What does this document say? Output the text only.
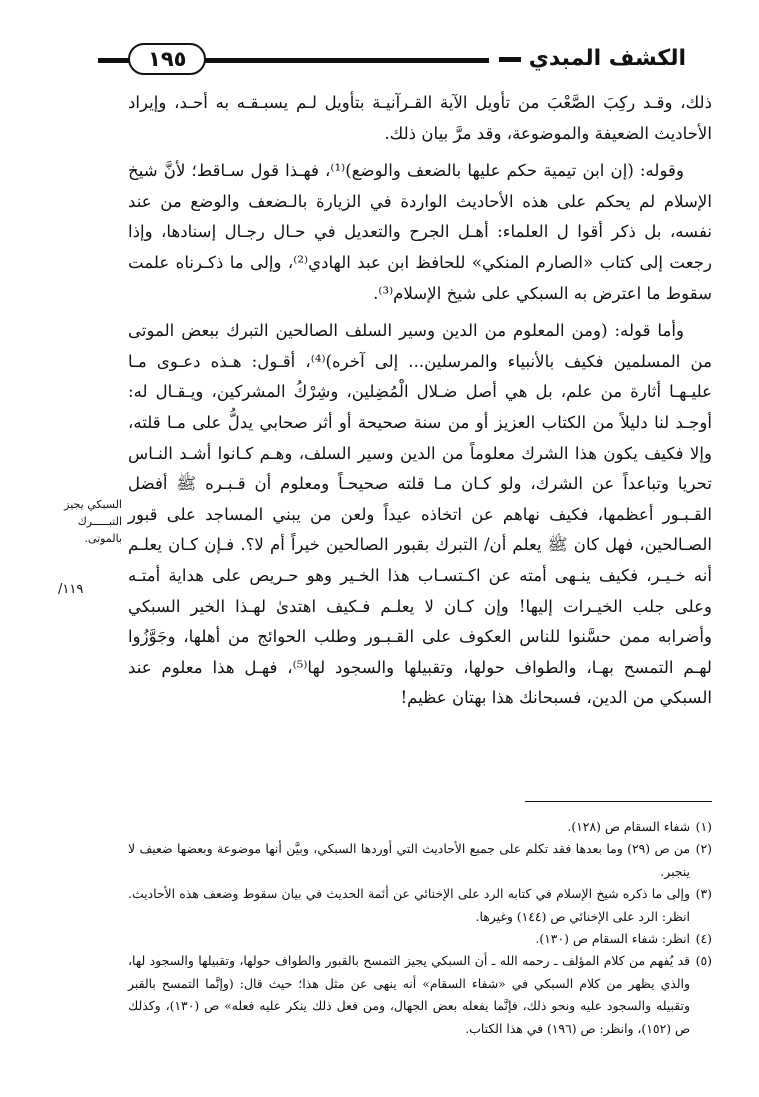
الكشف المبدي
١٩٥

ذلك، وقـد ركِبَ الصَّعْبَ من تأويل الآية القـرآنيـة بتأويل لـم يسبـقـه به أحـد، وإيراد الأحاديث الضعيفة والموضوعة، وقد مرَّ بيان ذلك.

وقوله: (إن ابن تيمية حكم عليها بالضعف والوضع)⁽¹⁾، فهـذا قول سـاقط؛ لأنَّ شيخ الإسلام لم يحكم على هذه الأحاديث الواردة في الزيارة بالـضعف والوضع من عند نفسه، بل ذكر أقوا ل العلماء: أهـل الجرح والتعديل في حـال رجـال إسنادها، وإذا رجعت إلى كتاب «الصارم المنكي» للحافظ ابن عبد الهادي⁽²⁾، وإلى ما ذكـرناه علمت سقوط ما اعترض به السبكي على شيخ الإسلام⁽³⁾.

وأما قوله: (ومن المعلوم من الدين وسير السلف الصالحين التبرك ببعض الموتى من المسلمين فكيف بالأنبياء والمرسلين... إلى آخره)⁽⁴⁾، أقـول: هـذه دعـوى مـا عليـهـا أثارة من علم، بل هي أصل ضـلال الْمُضِلين، وشِرْكُ المشركين، ويـقـال له: أوجـد لنا دليلاً من الكتاب العزيز أو من سنة صحيحة أو أثر صحابي يدلُّ على مـا قلته، وإلا فكيف يكون هذا الشرك معلوماً من الدين وسير السلف، وهـم كـانوا أشـد النـاس تحريا وتباعداً عن الشرك، ولو كـان مـا قلته صحيحـاً ومعلوم أن قـبـره ﷺ أفضل القـبـور أعظمها، فكيف نهاهم عن اتخاذه عيداً ولعن من يبني المساجد على قبور الصـالحين، فهل كان ﷺ يعلم أن/ التبرك بقبور الصالحين خيراً أم لا؟. فـإن كـان يعلـم أنه خـيـر، فكيف ينـهى أمته عن اكـتسـاب هذا الخـير وهو حـريص على هداية أمتـه وعلى جلب الخيـرات إليها! وإن كـان لا يعلـم فـكيف اهتدىٰ لهـذا الخير السبكي وأضرابه ممن حسَّنوا للناس العكوف على القـبـور وطلب الحوائج من أهلها، وجَوَّزُوا لهـم التمسح بهـا، والطواف حولها، وتقبيلها والسجود لها⁽⁵⁾، فهـل هذا معلوم عند السبكي من الدين، فسبحانك هذا بهتان عظيم!

السبكي يجيز
التبـــــرك
بالموتى.
١١٩/

(١)
شفاء السقام ص (١٢٨).

(٢)
من ص (٢٩) وما بعدها فقد تكلم على جميع الأحاديث التي أوردها السبكي، وبيَّن أنها موضوعة وبعضها ضعيف لا ينجبر.

(٣)
وإلى ما ذكره شيخ الإسلام في كتابه الرد على الإخنائي عن أئمة الحديث في بيان سقوط وضعف هذه الأحاديث. انظر: الرد على الإخنائي ص (١٤٤) وغيرها.

(٤)
انظر: شفاء السقام ص (١٣٠).

(٥)
قد يُفهم من كلام المؤلف ـ رحمه الله ـ أن السبكي يجيز التمسح بالقبور والطواف حولها، وتقبيلها والسجود لها، والذي يظهر من كلام السبكي في «شفاء السقام» أنه ينهى عن مثل هذا؛ حيث قال: (وإنَّما التمسح بالقبر وتقبيله والسجود عليه ونحو ذلك، فإنَّما يفعله بعض الجهال، ومن فعل ذلك ينكر عليه فعله» ص (١٣٠)، وكذلك ص (١٥٢)، وانظر: ص (١٩٦) في هذا الكتاب.
